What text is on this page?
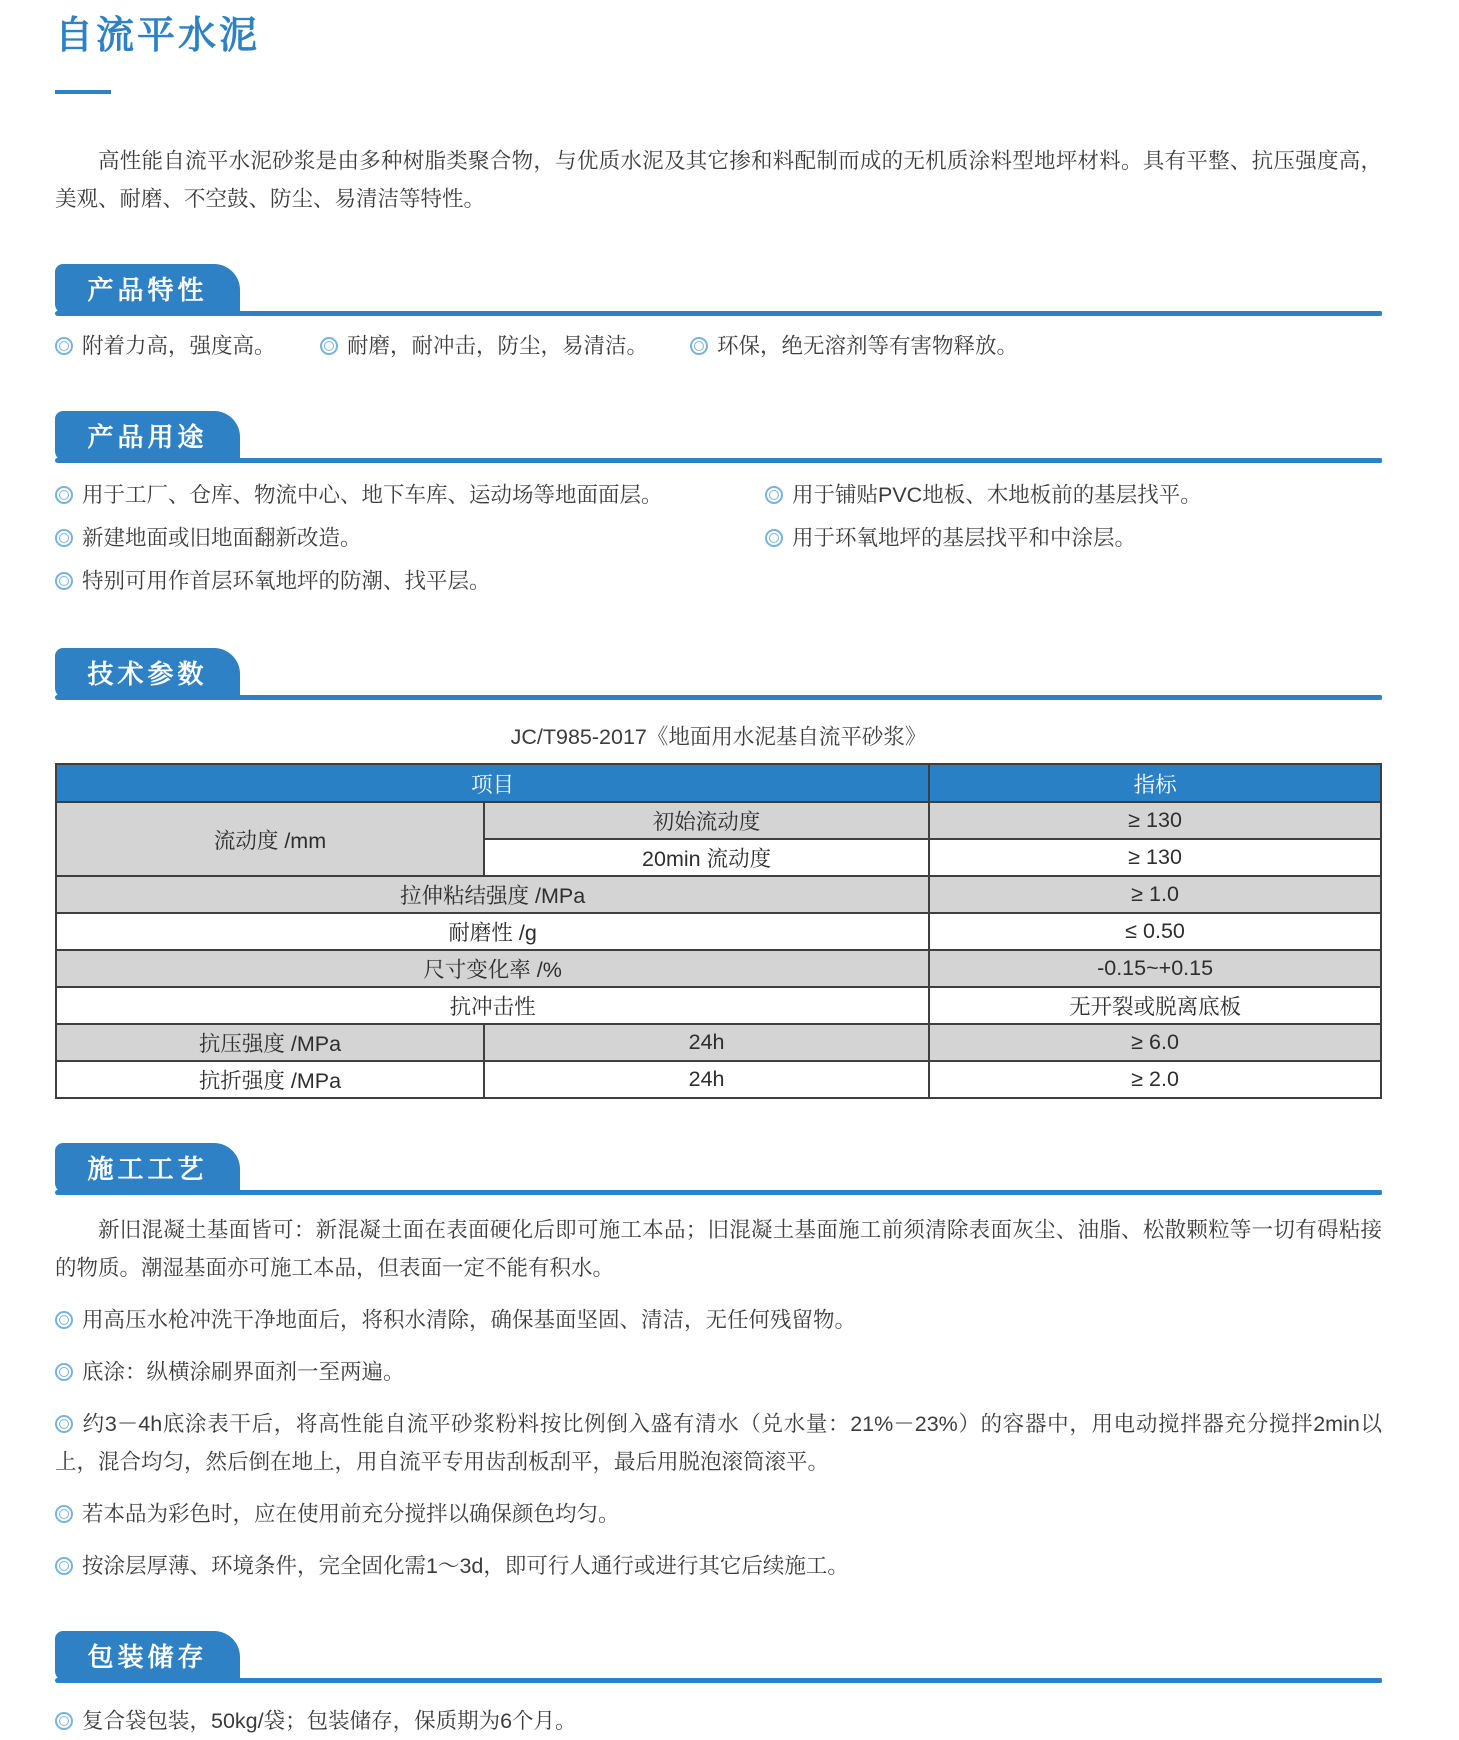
自流平水泥

高性能自流平水泥砂浆是由多种树脂类聚合物，与优质水泥及其它掺和料配制而成的无机质涂料型地坪材料。具有平整、抗压强度高，美观、耐磨、不空鼓、防尘、易清洁等特性。

产品特性
附着力高，强度高。	耐磨，耐冲击，防尘，易清洁。	环保，绝无溶剂等有害物释放。
产品用途
用于工厂、仓库、物流中心、地下车库、运动场等地面面层。
新建地面或旧地面翻新改造。
特别可用作首层环氧地坪的防潮、找平层。
用于铺贴PVC地板、木地板前的基层找平。
用于环氧地坪的基层找平和中涂层。
技术参数
JC/T985-2017《地面用水泥基自流平砂浆》
项目		指标
流动度 /mm	初始流动度	≥ 130
	20min 流动度	≥ 130
拉伸粘结强度 /MPa		≥ 1.0
耐磨性 /g		≤ 0.50
尺寸变化率 /%		-0.15~+0.15
抗冲击性		无开裂或脱离底板
抗压强度 /MPa	24h	≥ 6.0
抗折强度 /MPa	24h	≥ 2.0
施工工艺

新旧混凝土基面皆可：新混凝土面在表面硬化后即可施工本品；旧混凝土基面施工前须清除表面灰尘、油脂、松散颗粒等一切有碍粘接的物质。潮湿基面亦可施工本品，但表面一定不能有积水。

用高压水枪冲洗干净地面后，将积水清除，确保基面坚固、清洁，无任何残留物。
底涂：纵横涂刷界面剂一至两遍。
约3－4h底涂表干后，将高性能自流平砂浆粉料按比例倒入盛有清水（兑水量：21%－23%）的容器中，用电动搅拌器充分搅拌2min以上，混合均匀，然后倒在地上，用自流平专用齿刮板刮平，最后用脱泡滚筒滚平。
若本品为彩色时，应在使用前充分搅拌以确保颜色均匀。
按涂层厚薄、环境条件，完全固化需1～3d，即可行人通行或进行其它后续施工。
包装储存
复合袋包装，50kg/袋；包装储存，保质期为6个月。
